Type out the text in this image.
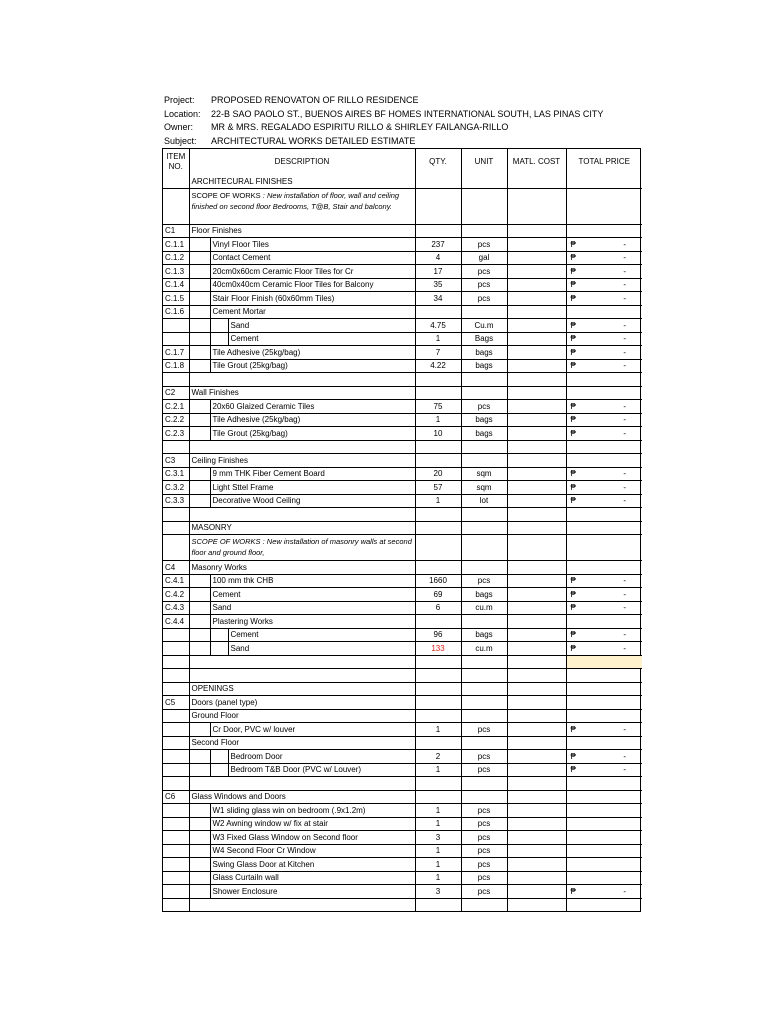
Project:	PROPOSED RENOVATON OF RILLO RESIDENCE
Location:	22-B SAO PAOLO ST., BUENOS AIRES BF HOMES INTERNATIONAL SOUTH, LAS PINAS CITY
Owner:	MR & MRS. REGALADO ESPIRITU RILLO & SHIRLEY FAILANGA-RILLO
Subject:	ARCHITECTURAL WORKS DETAILED ESTIMATE
ITEM NO.	DESCRIPTION			QTY.	UNIT	MATL. COST	TOTAL PRICE
	ARCHITECURAL FINISHES						
	SCOPE OF WORKS : New installation of floor, wall and ceiling finished on second floor Bedrooms, T@B, Stair and balcony.						
C1	Floor Finishes						
C.1.1		Vinyl Floor Tiles		237	pcs		₱ -

C.1.2		Contact Cement		4	gal		₱ -

C.1.3		20cm0x60cm Ceramic Floor Tiles for Cr		17	pcs		₱ -

C.1.4		40cm0x40cm Ceramic Floor Tiles for Balcony		35	pcs		₱ -

C.1.5		Stair Floor Finish (60x60mm Tiles)		34	pcs		₱ -

C.1.6		Cement Mortar					
			Sand	4.75	Cu.m		₱ -

			Cement	1	Bags		₱ -

C.1.7		Tile Adhesive (25kg/bag)		7	bags		₱ -

C.1.8		Tile Grout (25kg/bag)		4.22	bags		₱ -

C2	Wall Finishes						
C.2.1		20x60 Glaized Ceramic Tiles		75	pcs		₱ -

C.2.2		Tile Adhesive (25kg/bag)		1	bags		₱ -

C.2.3		Tile Grout (25kg/bag)		10	bags		₱ -

C3	Ceiling Finishes						
C.3.1		9 mm THK Fiber Cement Board		20	sqm		₱ -

C.3.2		Light Sttel Frame		57	sqm		₱ -

C.3.3		Decorative Wood Ceiling		1	lot		₱ -

	MASONRY						
	SCOPE OF WORKS : New installation of masonry walls at second floor and ground floor,						
C4	Masonry Works						
C.4.1		100 mm thk CHB		1660	pcs		₱ -

C.4.2		Cement		69	bags		₱ -

C.4.3		Sand		6	cu.m		₱ -

C.4.4		Plastering Works					
			Cement	96	bags		₱ -

			Sand	133	cu.m		₱ -

	OPENINGS						
C5	Doors (panel type)						
	Ground Floor						
		Cr Door, PVC w/ louver		1	pcs		₱ -

	Second Floor						
			Bedroom Door	2	pcs		₱ -

			Bedroom T&B Door (PVC w/ Louver)	1	pcs		₱ -

C6	Glass Windows and Doors						
		W1 sliding glass win on bedroom (.9x1.2m)		1	pcs		
		W2 Awning window w/ fix at stair		1	pcs		
		W3 Fixed Glass Window on Second floor		3	pcs		
		W4 Second Floor Cr Window		1	pcs		
		Swing Glass Door at Kitchen		1	pcs		
		Glass Curtailn wall		1	pcs		
		Shower Enclosure		3	pcs		₱ -
